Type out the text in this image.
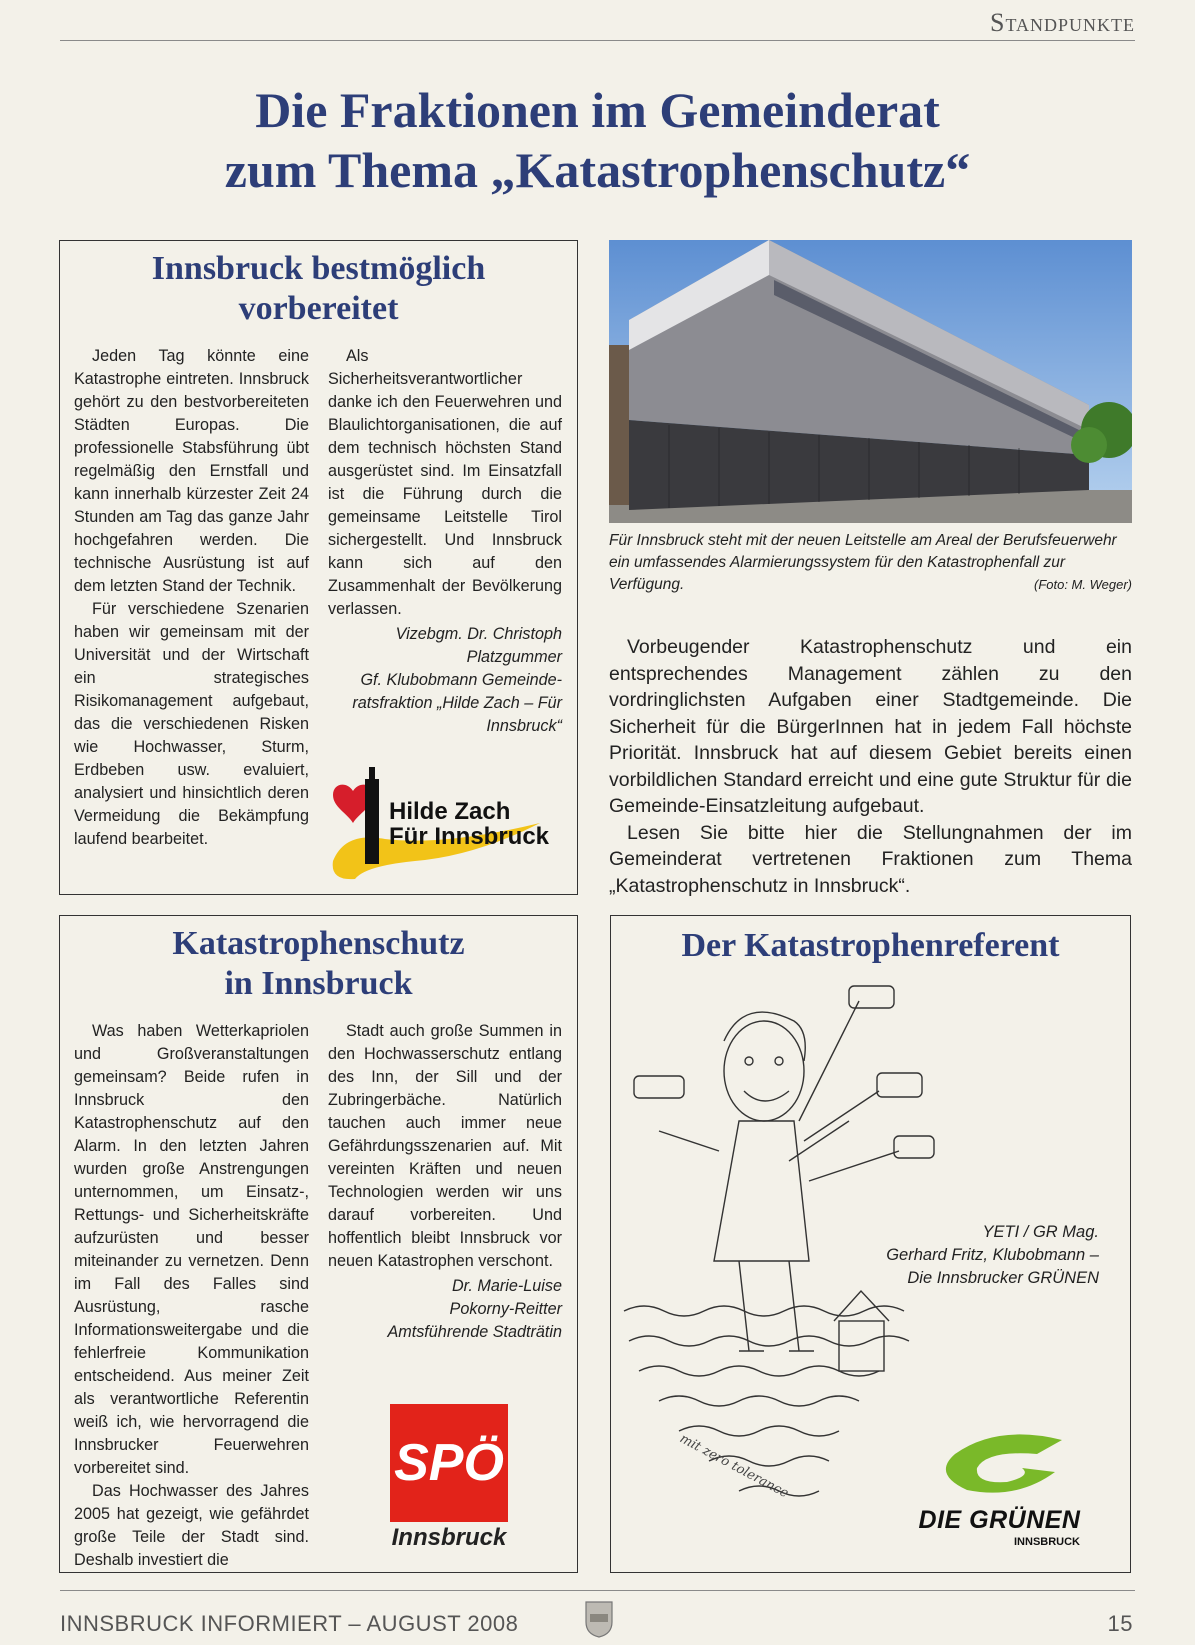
Standpunkte
Die Fraktionen im Gemeinderat
zum Thema „Katastrophenschutz“
Innsbruck bestmöglich
vorbereitet

Jeden Tag könnte eine Katastrophe eintreten. Innsbruck gehört zu den bestvorbereiteten Städten Europas. Die professionelle Stabsführung übt regelmäßig den Ernstfall und kann innerhalb kürzester Zeit 24 Stunden am Tag das ganze Jahr hochgefahren werden. Die technische Ausrüstung ist auf dem letzten Stand der Technik.

Für verschiedene Szenarien haben wir gemeinsam mit der Universität und der Wirtschaft ein strategisches Risikomanagement aufgebaut, das die verschiedenen Risken wie Hochwasser, Sturm, Erdbeben usw. evaluiert, analysiert und hinsichtlich deren Vermeidung die Bekämpfung laufend bearbeitet.

Als Sicherheitsverantwortlicher danke ich den Feuerwehren und Blaulichtorganisationen, die auf dem technisch höchsten Stand ausgerüstet sind. Im Einsatzfall ist die Führung durch die gemeinsame Leitstelle Tirol sichergestellt. Und Innsbruck kann sich auf den Zusammenhalt der Bevölkerung verlassen.

Vizebgm. Dr. Christoph
Platzgummer
Gf. Klubobmann Gemeinde-
ratsfraktion „Hilde Zach – Für
Innsbruck“
Hilde Zach
Für Innsbruck
Für Innsbruck steht mit der neuen Leitstelle am Areal der Berufsfeuerwehr ein umfassendes Alarmierungssystem für den Katastrophenfall zur Verfügung.	(Foto: M. Weger)

Vorbeugender Katastrophenschutz und ein entsprechendes Management zählen zu den vordringlichsten Aufgaben einer Stadtgemeinde. Die Sicherheit für die BürgerInnen hat in jedem Fall höchste Priorität. Innsbruck hat auf diesem Gebiet bereits einen vorbildlichen Standard erreicht und eine gute Struktur für die Gemeinde-Einsatzleitung aufgebaut.

Lesen Sie bitte hier die Stellungnahmen der im Gemeinderat vertretenen Fraktionen zum Thema „Katastrophenschutz in Innsbruck“.

Katastrophenschutz
in Innsbruck

Was haben Wetterkapriolen und Großveranstaltungen gemeinsam? Beide rufen in Innsbruck den Katastrophenschutz auf den Alarm. In den letzten Jahren wurden große Anstrengungen unternommen, um Einsatz-, Rettungs- und Sicherheitskräfte aufzurüsten und besser miteinander zu vernetzen. Denn im Fall des Falles sind Ausrüstung, rasche Informationsweitergabe und die fehlerfreie Kommunikation entscheidend. Aus meiner Zeit als verantwortliche Referentin weiß ich, wie hervorragend die Innsbrucker Feuerwehren vorbereitet sind.

Das Hochwasser des Jahres 2005 hat gezeigt, wie gefährdet große Teile der Stadt sind. Deshalb investiert die

Stadt auch große Summen in den Hochwasserschutz entlang des Inn, der Sill und der Zubringerbäche. Natürlich tauchen auch immer neue Gefährdungsszenarien auf. Mit vereinten Kräften und neuen Technologien werden wir uns darauf vorbereiten. Und hoffentlich bleibt Innsbruck vor neuen Katastrophen verschont.

Dr. Marie-Luise
Pokorny-Reitter
Amtsführende Stadträtin
SPÖ
Innsbruck
Der Katastrophenreferent
mit zero tolerance
YETI / GR Mag.
Gerhard Fritz, Klubobmann –
Die Innsbrucker GRÜNEN
DIE GRÜNEN
INNSBRUCK
INNSBRUCK INFORMIERT – AUGUST 2008	15
